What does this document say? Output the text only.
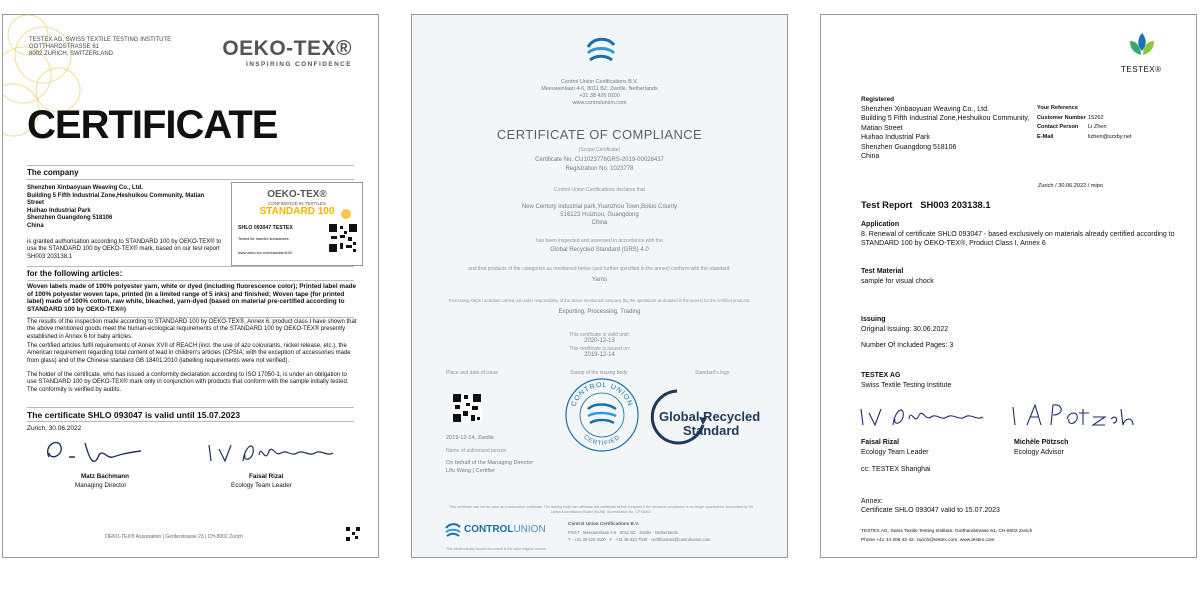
TESTEX AG, SWISS TEXTILE TESTING INSTITUTE
GOTTHARDSTRASSE 61
8002 ZURICH, SWITZERLAND	OEKO-TEX®
INSPIRING CONFIDENCE
CERTIFICATE
The company
Shenzhen Xinbaoyuan Weaving Co., Ltd.
Building 5 Fifth Industrial Zone,Heshuikou Community, Matian
Street
Huihao Industrial Park
Shenzhen Guangdong 518106
China
OEKO-TEX®
CONFIDENCE IN TEXTILES
STANDARD 100
SHLO 093047 TESTEX
Tested for harmful substances
www.oeko-tex.com/standard100
is granted authorisation according to STANDARD 100 by OEKO-TEX® to use the STANDARD 100 by OEKO-TEX® mark, based on our test report SH003 203138.1
for the following articles:
Woven labels made of 100% polyester yarn, white or dyed (including fluorescence color); Printed label made of 100% polyester woven tape, printed (in a limited range of 5 inks) and finished; Woven tape (for printed label) made of 100% cotton, raw white, bleached, yarn-dyed (based on material pre-certified according to STANDARD 100 by OEKO-TEX®)
The results of the inspection made according to STANDARD 100 by OEKO-TEX®, Annex 6, product class I have shown that the above mentioned goods meet the human-ecological requirements of the STANDARD 100 by OEKO-TEX® presently established in Annex 6 for baby articles.
The certified articles fulfil requirements of Annex XVII of REACH (incl. the use of azo colourants, nickel release, etc.), the American requirement regarding total content of lead in children's articles (CPSIA; with the exception of accessories made from glass) and of the Chinese standard GB 18401:2010 (labelling requirements were not verified).
The holder of the certificate, who has issued a conformity declaration according to ISO 17050-1, is under an obligation to use STANDARD 100 by OEKO-TEX® mark only in conjunction with products that conform with the sample initially tested. The conformity is verified by audits.
The certificate SHLO 093047 is valid until 15.07.2023
Zurich, 30.06.2022
Matz Bachmann
Managing Director
Faisal Rizal
Ecology Team Leader
OEKO-TEX® Association | Genferstrasse 23 | CH-8002 Zurich
Control Union Certifications B.V.
Meeuwenlaan 4-6, 8011 BZ, Zwolle, Netherlands
+31 38 426 0100
www.controlunion.com
CERTIFICATE OF COMPLIANCE
(Scope Certificate)
Certificate No. CU1023778GRS-2019-00028437
Registration No. 1023778
Control Union Certifications declares that
New Century industrial park,Yuanzhou Town,Boluo County
516123 Huizhou, Guangdong
China
has been inspected and assessed in accordance with the
Global Recycled Standard (GRS) 4.0
and that products of the categories as mentioned below (and further specified in the annex) conform with this standard:
Yarns
Processing steps / activities carried out under responsibility of the above mentioned company (by the operations as detailed in the annex) for the certified products:
Exporting, Processing, Trading
This certificate is valid until:
2020-12-13
This certificate is issued on:
2019-12-14
Place and date of issue	Stamp of the issuing body	Standard's logo
CONTROL UNION
CERTIFIED
Global Recycled
Standard
2019-12-14, Zwolle
Name of authorised person
On behalf of the Managing Director
Lifu Wang | Certifier
This certificate can not be used as a transaction certificate. The issuing body can withdraw this certificate before it expires if the declared compliance is no longer guaranteed. Accredited by Sri Lanka Accreditation Board (SLAB), Accreditation No. CP 00401
CONTROLUNION
Control Union Certifications B.V.
POST · Meeuwenlaan 4-6 · 8011 BZ · Zwolle · Netherlands
T · +31 38 426 0100 · F · +31 38 423 7040 · certifications@controlunion.com
This electronically issued document is the valid original version
TESTEX®
Registered
Shenzhen Xinbaoyuan Weaving Co., Ltd.
Building 5 Fifth Industrial Zone,Heshuikou Community,
Matian Street
Huihao Industrial Park
Shenzhen Guangdong 518106
China
Your Reference
Customer Number 15262
Contact Person Li Zhen
E-Mail	lizhen@szxby.net
Zurich / 30.06.2022 / mipo
Test Report   SH003 203138.1
Application
8. Renewal of certificate SHLO 093047 - based exclusively on materials already certified according to STANDARD 100 by OEKO-TEX®, Product Class I, Annex 6
Test Material
sample for visual chock
Issuing
Original Issuing: 30.06.2022
Number Of Included Pages: 3
TESTEX AG
Swiss Textile Testing Institute
Faisal Rizal
Ecology Team Leader
Michèle Pötzsch
Ecology Advisor
cc: TESTEX Shanghai
Annex:
Certificate SHLO 093047 valid to 15.07.2023
TESTEX AG, Swiss Textile Testing Institute, Gotthardstrasse 61, CH-8002 Zurich
Phone +41 44 206 42 42, zurich@testex.com, www.testex.com
